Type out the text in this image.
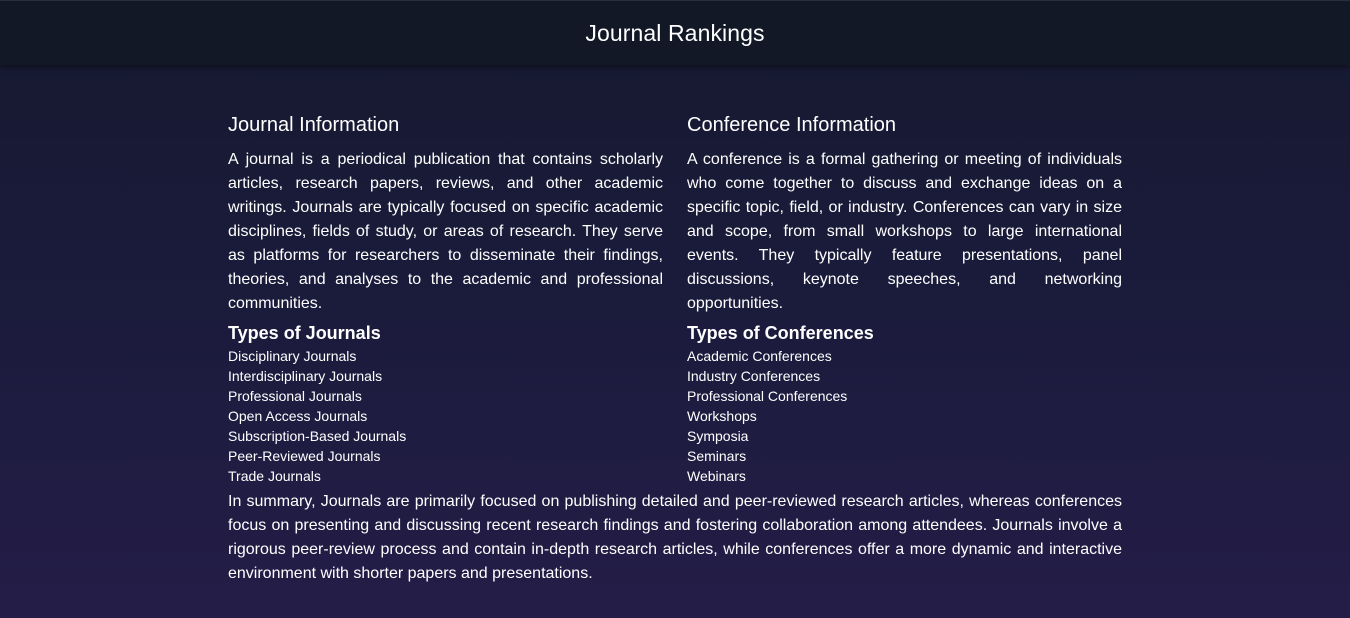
Journal Rankings
Journal Information

A journal is a periodical publication that contains scholarly articles, research papers, reviews, and other academic writings. Journals are typically focused on specific academic disciplines, fields of study, or areas of research. They serve as platforms for researchers to disseminate their findings, theories, and analyses to the academic and professional communities.

Types of Journals
Disciplinary Journals
Interdisciplinary Journals
Professional Journals
Open Access Journals
Subscription-Based Journals
Peer-Reviewed Journals
Trade Journals
Conference Information

A conference is a formal gathering or meeting of individuals who come together to discuss and exchange ideas on a specific topic, field, or industry. Conferences can vary in size and scope, from small workshops to large international events. They typically feature presentations, panel discussions, keynote speeches, and networking opportunities.

Types of Conferences
Academic Conferences
Industry Conferences
Professional Conferences
Workshops
Symposia
Seminars
Webinars

In summary, Journals are primarily focused on publishing detailed and peer-reviewed research articles, whereas conferences focus on presenting and discussing recent research findings and fostering collaboration among attendees. Journals involve a rigorous peer-review process and contain in-depth research articles, while conferences offer a more dynamic and interactive environment with shorter papers and presentations.
